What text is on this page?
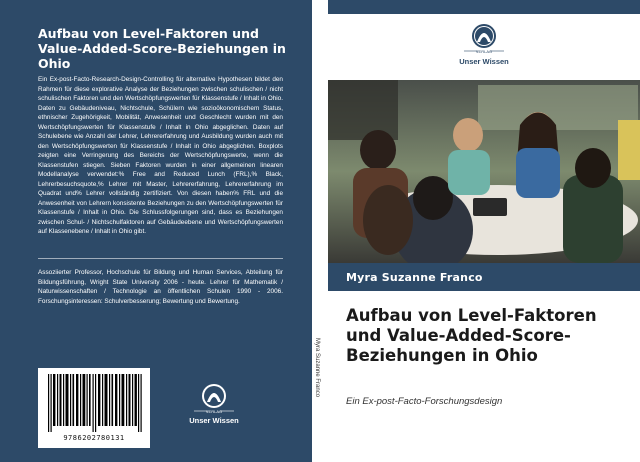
Aufbau von Level-Faktoren und Value-Added-Score-Beziehungen in Ohio
Ein Ex-post-Facto-Research-Design-Controlling für alternative Hypothesen bildet den Rahmen für diese explorative Analyse der Beziehungen zwischen schulischen / nicht schulischen Faktoren und den Wertschöpfungswerten für Klassenstufe / Inhalt in Ohio. Daten zu Gebäudeniveau, Nichtschule, Schülern wie sozioökonomischem Status, ethnischer Zugehörigkeit, Mobilität, Anwesenheit und Geschlecht wurden mit den Wertschöpfungswerten für Klassenstufe / Inhalt in Ohio abgeglichen. Daten auf Schulebene wie Anzahl der Lehrer, Lehrererfahrung und Ausbildung wurden auch mit den Wertschöpfungswerten für Klassenstufe / Inhalt in Ohio abgeglichen. Boxplots zeigten eine Verringerung des Bereichs der Wertschöpfungswerte, wenn die Klassenstufen stiegen. Sieben Faktoren wurden in einer allgemeinen linearen Modellanalyse verwendet:% Free and Reduced Lunch (FRL),% Black, Lehrerbesuchsquote,% Lehrer mit Master, Lehrererfahrung, Lehrererfahrung im Quadrat und% Lehrer vollständig zertifiziert. Von diesen haben% FRL und die Anwesenheit von Lehrern konsistente Beziehungen zu den Wertschöpfungswerten für Klassenstufe / Inhalt in Ohio. Die Schlussfolgerungen sind, dass es Beziehungen zwischen Schul- / Nichtschulfaktoren auf Gebäudeebene und Wertschöpfungswerten auf Klassenebene / Inhalt in Ohio gibt.
Assoziierter Professor, Hochschule für Bildung und Human Services, Abteilung für Bildungsführung, Wright State University 2006 - heute. Lehrer für Mathematik / Naturwissenschaften / Technologie an öffentlichen Schulen 1990 - 2006. Forschungsinteressen: Schulverbesserung; Bewertung und Bewertung.
9786202780131
VERLAG
Unser Wissen
Myra Suzanne Franco
VERLAG
Unser Wissen
Myra Suzanne Franco
Aufbau von Level-Faktoren und Value-Added-Score-Beziehungen in Ohio
Ein Ex-post-Facto-Forschungsdesign
